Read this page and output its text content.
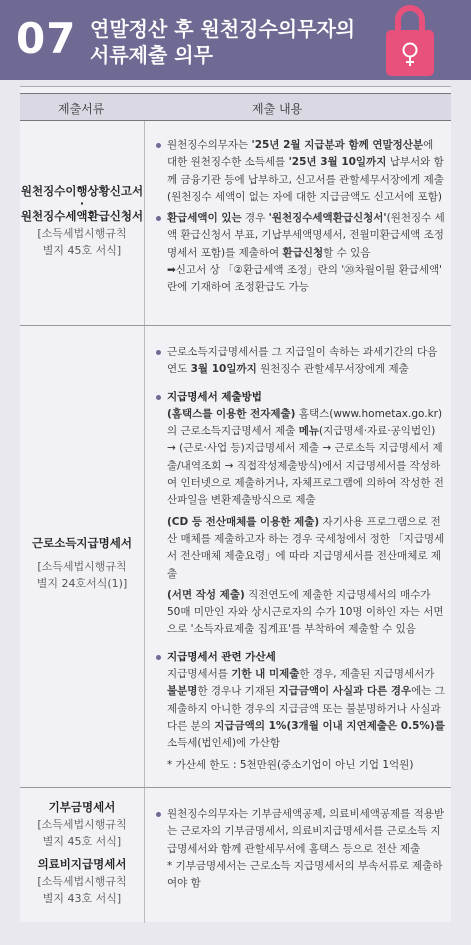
07 연말정산 후 원천징수의무자의
서류제출 의무
제출서류	제출 내용
원천징수이행상황신고서
·
원천징수세액환급신청서
[소득세법시행규칙
별지 45호 서식]
원천징수의무자는 '25년 2월 지급분과 함께 연말정산분에 대한 원천징수한 소득세를 '25년 3월 10일까지 납부서와 함께 금융기관 등에 납부하고, 신고서를 관할세무서장에게 제출(원천징수 세액이 없는 자에 대한 지급금액도 신고서에 포함)
환급세액이 있는 경우 '원천징수세액환급신청서'(원천징수 세액 환급신청서 부표, 기납부세액명세서, 전월미환급세액 조정 명세서 포함)를 제출하여 환급신청할 수 있음
➡신고서 상 「②환급세액 조정」란의 '⑳차월이월 환급세액' 란에 기재하여 조정환급도 가능
근로소득지급명세서
[소득세법시행규칙
별지 24호서식(1)]
근로소득지급명세서를 그 지급일이 속하는 과세기간의 다음 연도 3월 10일까지 원천징수 관할세무서장에게 제출
지급명세서 제출방법
(홈택스를 이용한 전자제출) 홈택스(www.hometax.go.kr)의 근로소득지급명세서 제출 메뉴(지급명세·자료·공익법인) → (근로·사업 등)지급명세서 제출 → 근로소득 지급명세서 제출/내역조회 → 직접작성제출방식)에서 지급명세서를 작성하여 인터넷으로 제출하거나, 자체프로그램에 의하여 작성한 전산파일을 변환제출방식으로 제출
(CD 등 전산매체를 이용한 제출) 자기사용 프로그램으로 전산 매체를 제출하고자 하는 경우 국세청에서 정한 「지급명세서 전산매체 제출요령」에 따라 지급명세서를 전산매체로 제출
(서면 작성 제출) 직전연도에 제출한 지급명세서의 매수가 50매 미만인 자와 상시근로자의 수가 10명 이하인 자는 서면으로 '소득자료제출 집계표'를 부착하여 제출할 수 있음
지급명세서 관련 가산세
지급명세서를 기한 내 미제출한 경우, 제출된 지급명세서가 불분명한 경우나 기재된 지급금액이 사실과 다른 경우에는 그 제출하지 아니한 경우의 지급금액 또는 불분명하거나 사실과 다른 분의 지급금액의 1%(3개월 이내 지연제출은 0.5%)를 소득세(법인세)에 가산함
* 가산세 한도 : 5천만원(중소기업이 아닌 기업 1억원)
기부금명세서
[소득세법시행규칙
별지 45호 서식]
의료비지급명세서
[소득세법시행규칙
별지 43호 서식]
원천징수의무자는 기부금세액공제, 의료비세액공제를 적용받는 근로자의 기부금명세서, 의료비지급명세서를 근로소득 지급명세서와 함께 관할세무서에 홈택스 등으로 전산 제출
* 기부금명세서는 근로소득 지급명세서의 부속서류로 제출하여야 함
